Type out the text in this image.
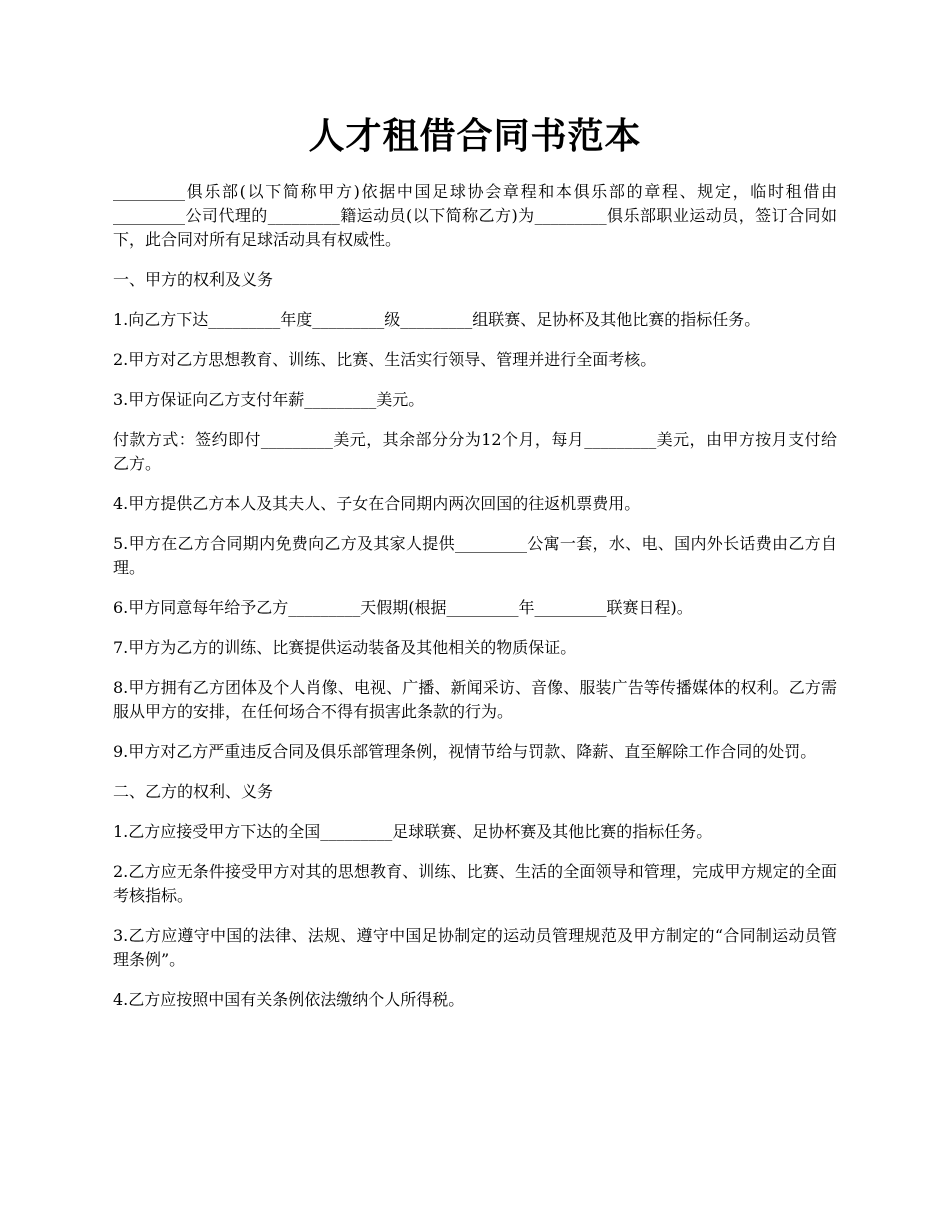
人才租借合同书范本

_________俱乐部(以下简称甲方)依据中国足球协会章程和本俱乐部的章程、规定，临时租借由_________公司代理的_________籍运动员(以下简称乙方)为_________俱乐部职业运动员，签订合同如下，此合同对所有足球活动具有权威性。

一、甲方的权利及义务

1.向乙方下达_________年度_________级_________组联赛、足协杯及其他比赛的指标任务。

2.甲方对乙方思想教育、训练、比赛、生活实行领导、管理并进行全面考核。

3.甲方保证向乙方支付年薪_________美元。

付款方式：签约即付_________美元，其余部分分为12个月，每月_________美元，由甲方按月支付给乙方。

4.甲方提供乙方本人及其夫人、子女在合同期内两次回国的往返机票费用。

5.甲方在乙方合同期内免费向乙方及其家人提供_________公寓一套，水、电、国内外长话费由乙方自理。

6.甲方同意每年给予乙方_________天假期(根据_________年_________联赛日程)。

7.甲方为乙方的训练、比赛提供运动装备及其他相关的物质保证。

8.甲方拥有乙方团体及个人肖像、电视、广播、新闻采访、音像、服装广告等传播媒体的权利。乙方需服从甲方的安排，在任何场合不得有损害此条款的行为。

9.甲方对乙方严重违反合同及俱乐部管理条例，视情节给与罚款、降薪、直至解除工作合同的处罚。

二、乙方的权利、义务

1.乙方应接受甲方下达的全国_________足球联赛、足协杯赛及其他比赛的指标任务。

2.乙方应无条件接受甲方对其的思想教育、训练、比赛、生活的全面领导和管理，完成甲方规定的全面考核指标。

3.乙方应遵守中国的法律、法规、遵守中国足协制定的运动员管理规范及甲方制定的“合同制运动员管理条例”。

4.乙方应按照中国有关条例依法缴纳个人所得税。
